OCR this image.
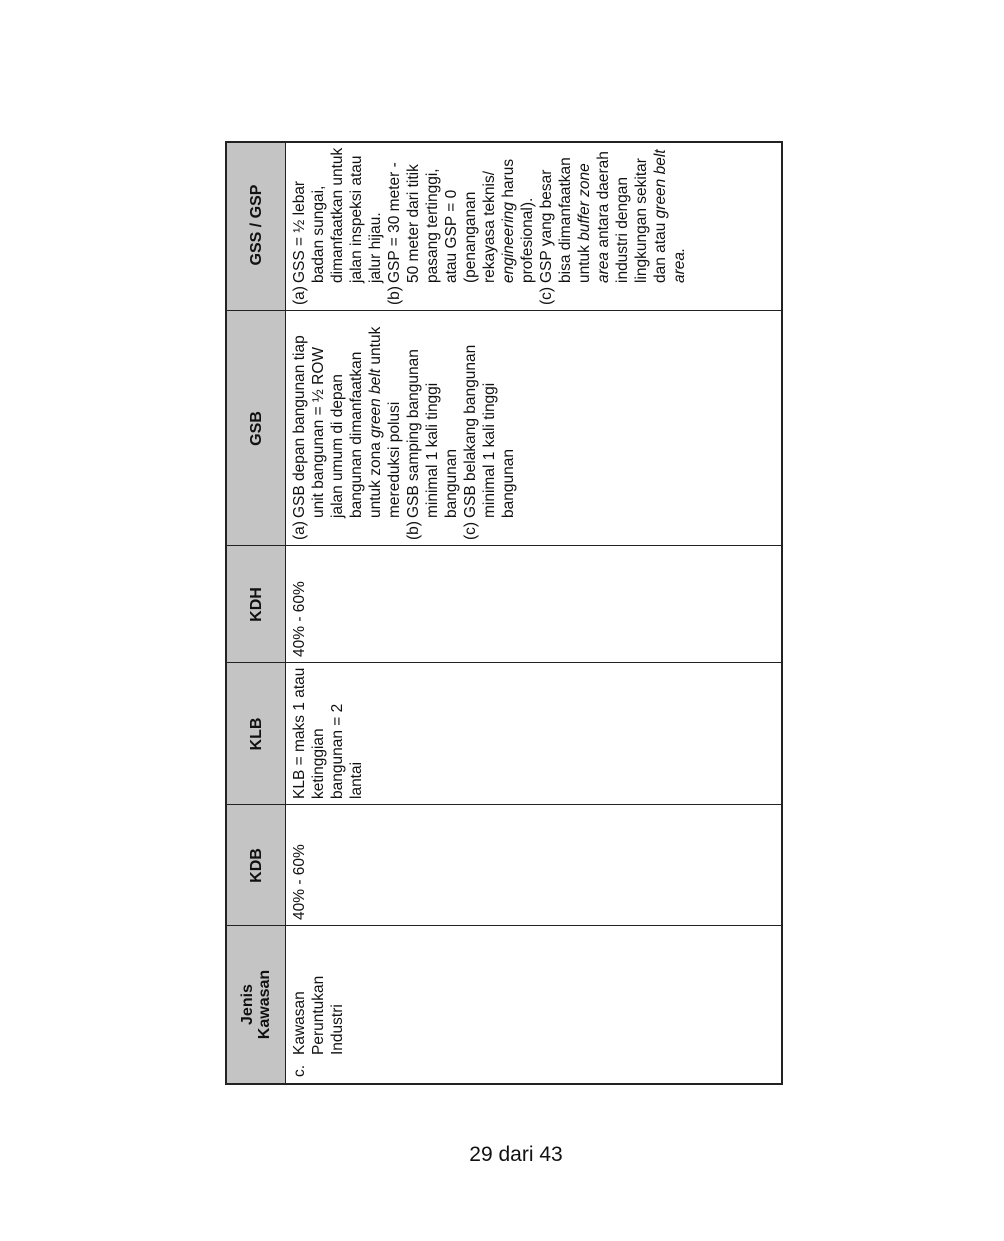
Jenis
Kawasan
KDB
KLB
KDH
GSB
GSS / GSP
c.
Kawasan Peruntukan Industri
40% - 60%
KLB = maks 1 atau ketinggian bangunan = 2 lantai
40% - 60%
(a)
GSB depan bangunan tiap unit bangunan = ½ ROW jalan umum di depan bangunan dimanfaatkan untuk zona green belt untuk mereduksi polusi
(b)
GSB samping bangunan minimal 1 kali tinggi bangunan
(c)
GSB belakang bangunan minimal 1 kali tinggi bangunan
(a)
GSS = ½ lebar badan sungai, dimanfaatkan untuk jalan inspeksi atau jalur hijau.
(b)
GSP = 30 meter - 50 meter dari titik pasang tertinggi, atau GSP = 0 (penanganan rekayasa teknis/ engineering harus profesional).
(c)
GSP yang besar bisa dimanfaatkan untuk buffer zone area antara daerah industri dengan lingkungan sekitar dan atau green belt area.
29 dari 43
